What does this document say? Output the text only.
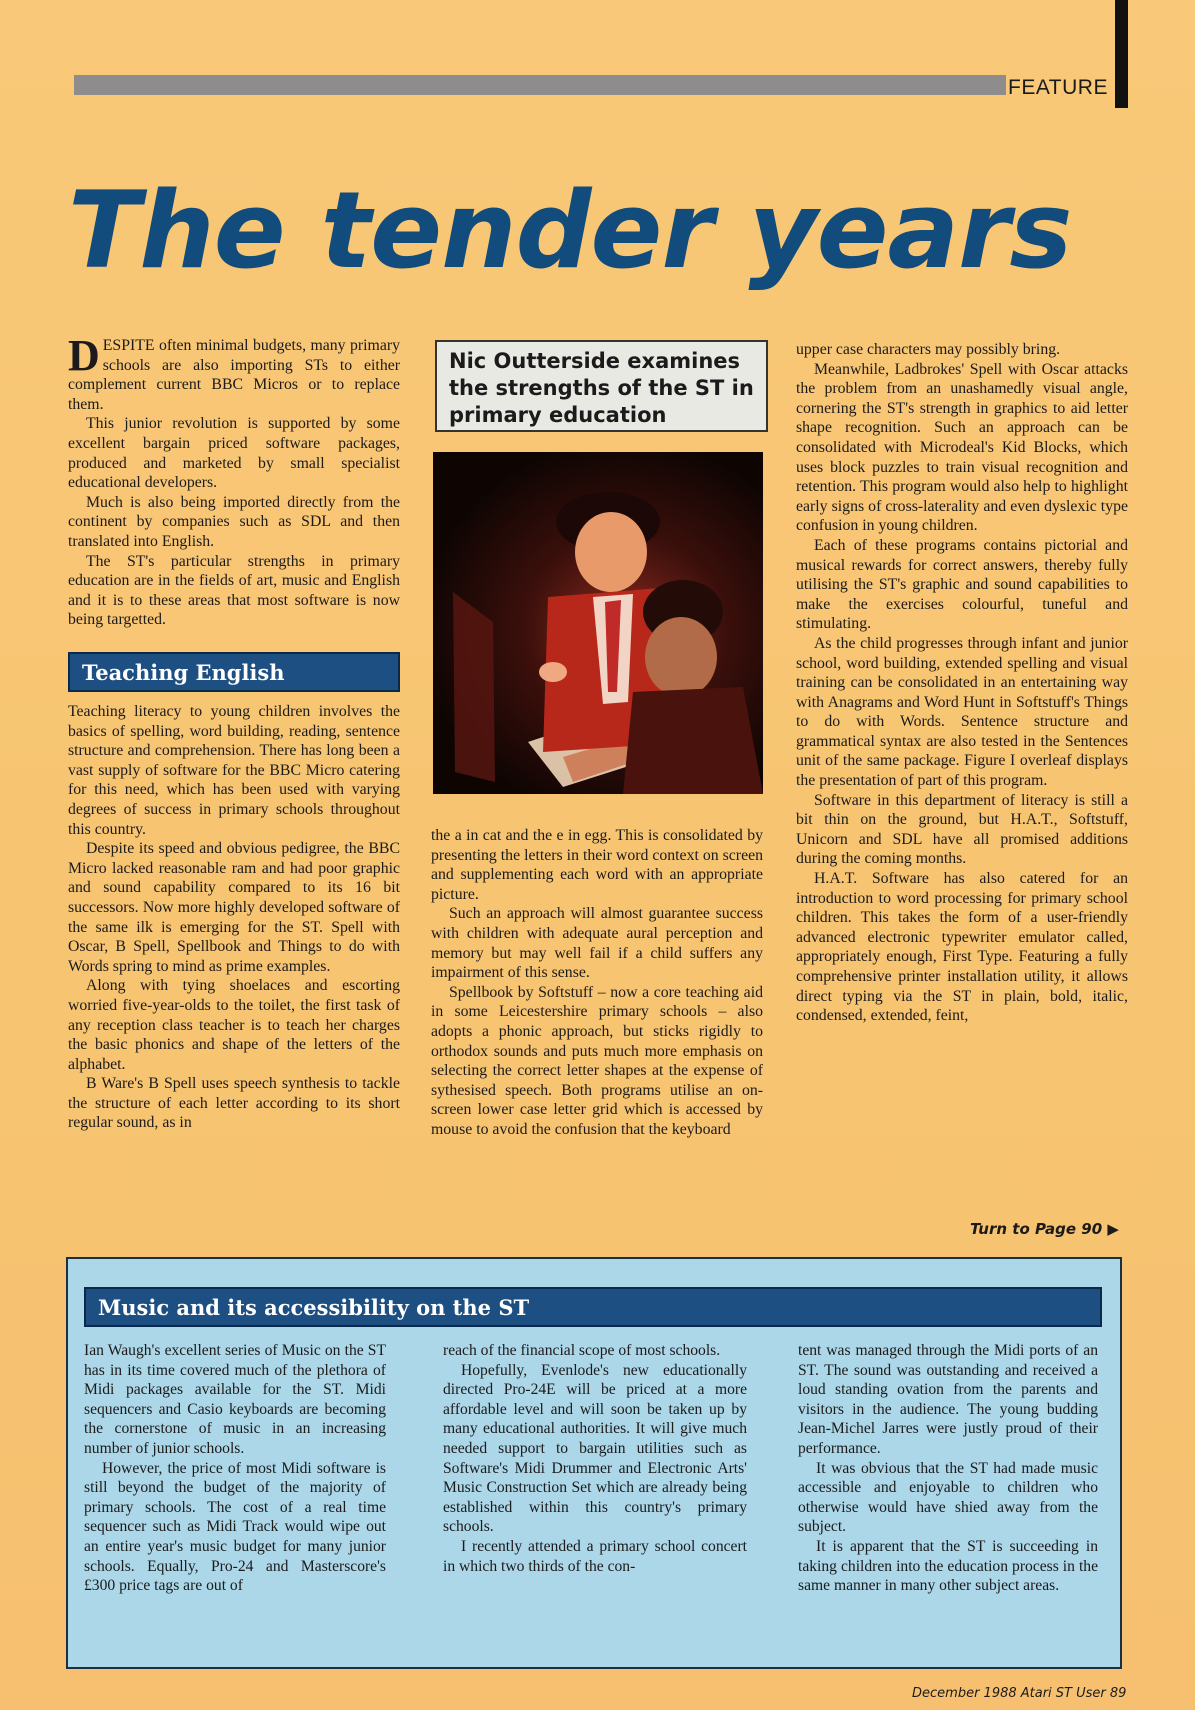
FEATURE
The tender years

DESPITE often minimal budgets, many primary schools are also importing STs to either complement current BBC Micros or to replace them.

This junior revolution is supported by some excellent bargain priced software packages, produced and marketed by small specialist educational developers.

Much is also being imported directly from the continent by companies such as SDL and then translated into English.

The ST's particular strengths in primary education are in the fields of art, music and English and it is to these areas that most software is now being targetted.

Teaching English

Teaching literacy to young children involves the basics of spelling, word building, reading, sentence structure and comprehension. There has long been a vast supply of software for the BBC Micro catering for this need, which has been used with varying degrees of success in primary schools throughout this country.

Despite its speed and obvious pedigree, the BBC Micro lacked reasonable ram and had poor graphic and sound capability compared to its 16 bit successors. Now more highly developed software of the same ilk is emerging for the ST. Spell with Oscar, B Spell, Spellbook and Things to do with Words spring to mind as prime examples.

Along with tying shoelaces and escorting worried five-year-olds to the toilet, the first task of any reception class teacher is to teach her charges the basic phonics and shape of the letters of the alphabet.

B Ware's B Spell uses speech synthesis to tackle the structure of each letter according to its short regular sound, as in

Nic Outterside examines the strengths of the ST in primary education

the a in cat and the e in egg. This is consolidated by presenting the letters in their word context on screen and supplementing each word with an appropriate picture.

Such an approach will almost guarantee success with children with adequate aural perception and memory but may well fail if a child suffers any impairment of this sense.

Spellbook by Softstuff – now a core teaching aid in some Leicestershire primary schools – also adopts a phonic approach, but sticks rigidly to orthodox sounds and puts much more emphasis on selecting the correct letter shapes at the expense of sythesised speech. Both programs utilise an on-screen lower case letter grid which is accessed by mouse to avoid the confusion that the keyboard

upper case characters may possibly bring.

Meanwhile, Ladbrokes' Spell with Oscar attacks the problem from an unashamedly visual angle, cornering the ST's strength in graphics to aid letter shape recognition. Such an approach can be consolidated with Microdeal's Kid Blocks, which uses block puzzles to train visual recognition and retention. This program would also help to highlight early signs of cross-laterality and even dyslexic type confusion in young children.

Each of these programs contains pictorial and musical rewards for correct answers, thereby fully utilising the ST's graphic and sound capabilities to make the exercises colourful, tuneful and stimulating.

As the child progresses through infant and junior school, word building, extended spelling and visual training can be consolidated in an entertaining way with Anagrams and Word Hunt in Softstuff's Things to do with Words. Sentence structure and grammatical syntax are also tested in the Sentences unit of the same package. Figure I overleaf displays the presentation of part of this program.

Software in this department of literacy is still a bit thin on the ground, but H.A.T., Softstuff, Unicorn and SDL have all promised additions during the coming months.

H.A.T. Software has also catered for an introduction to word processing for primary school children. This takes the form of a user-friendly advanced electronic typewriter emulator called, appropriately enough, First Type. Featuring a fully comprehensive printer installation utility, it allows direct typing via the ST in plain, bold, italic, condensed, extended, feint,

Turn to Page 90 ▶
Music and its accessibility on the ST

Ian Waugh's excellent series of Music on the ST has in its time covered much of the plethora of Midi packages available for the ST. Midi sequencers and Casio keyboards are becoming the cornerstone of music in an increasing number of junior schools.

However, the price of most Midi software is still beyond the budget of the majority of primary schools. The cost of a real time sequencer such as Midi Track would wipe out an entire year's music budget for many junior schools. Equally, Pro-24 and Masterscore's £300 price tags are out of

reach of the financial scope of most schools.

Hopefully, Evenlode's new educationally directed Pro-24E will be priced at a more affordable level and will soon be taken up by many educational authorities. It will give much needed support to bargain utilities such as Software's Midi Drummer and Electronic Arts' Music Construction Set which are already being established within this country's primary schools.

I recently attended a primary school concert in which two thirds of the con-

tent was managed through the Midi ports of an ST. The sound was outstanding and received a loud standing ovation from the parents and visitors in the audience. The young budding Jean-Michel Jarres were justly proud of their performance.

It was obvious that the ST had made music accessible and enjoyable to children who otherwise would have shied away from the subject.

It is apparent that the ST is succeeding in taking children into the education process in the same manner in many other subject areas.

December 1988 Atari ST User 89
